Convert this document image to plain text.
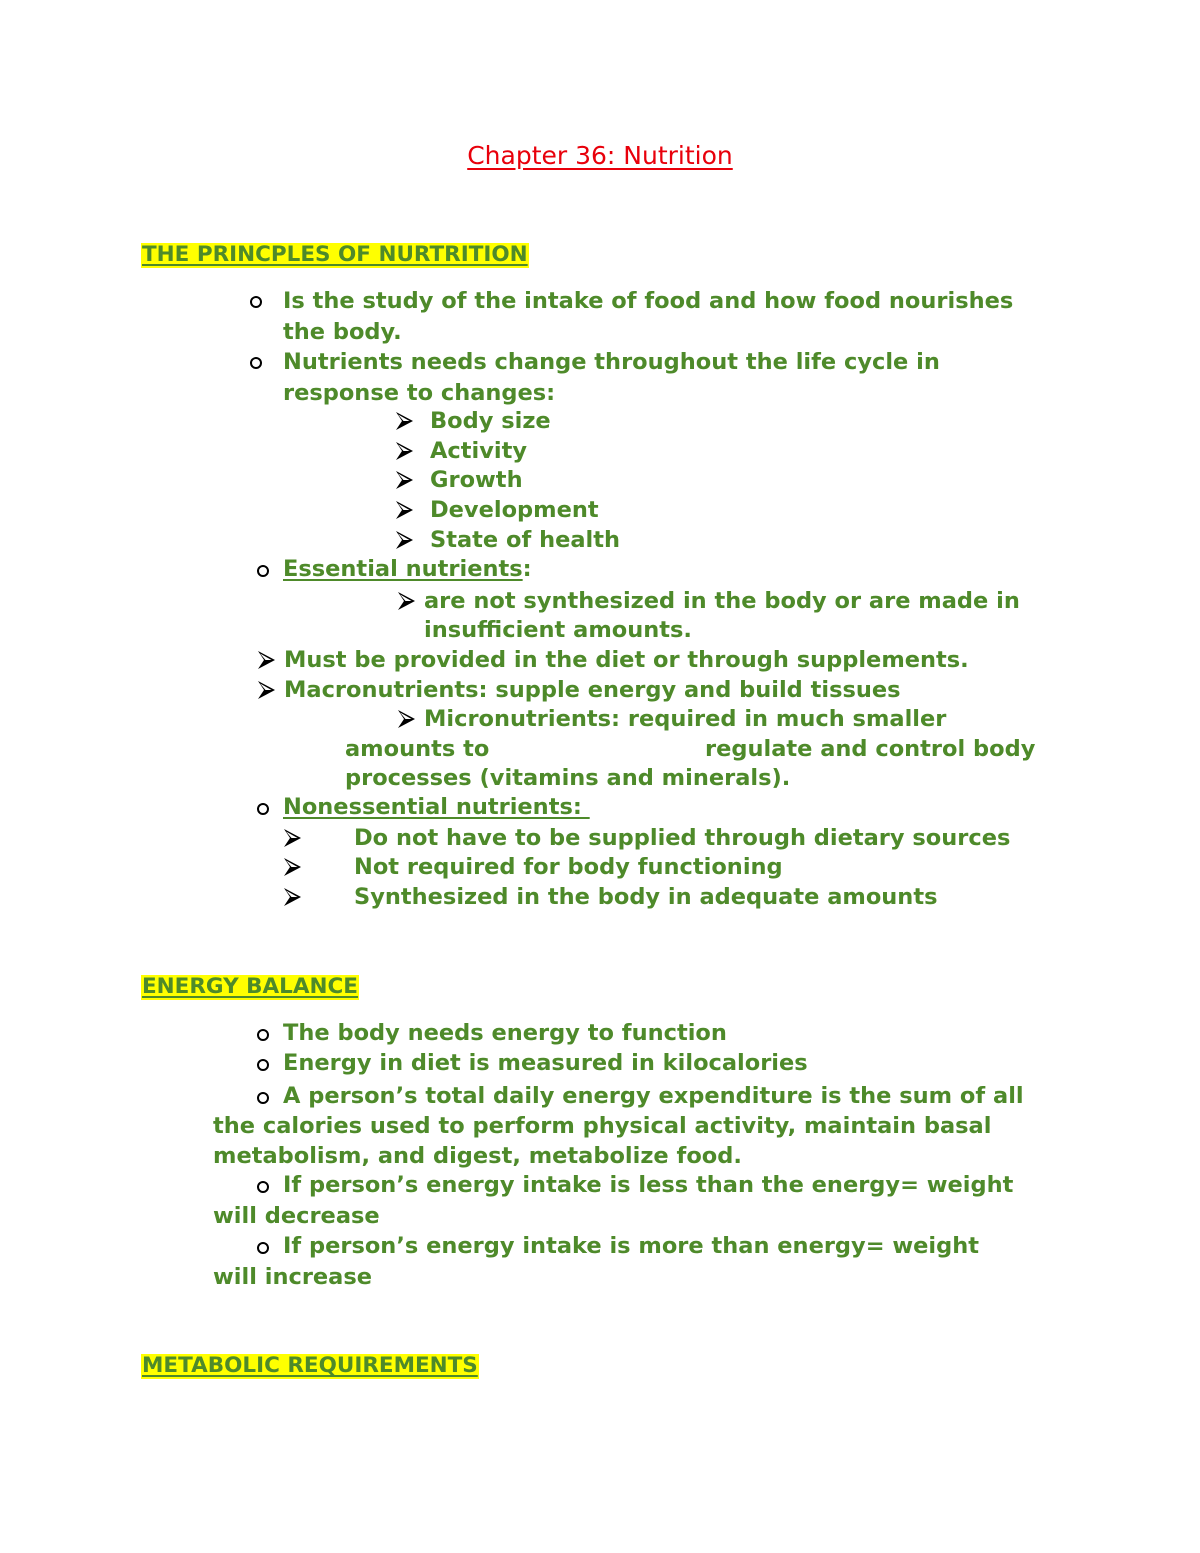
Chapter 36: Nutrition
THE PRINCPLES OF NURTRITION
Is the study of the intake of food and how food nourishes
the body.
Nutrients needs change throughout the life cycle in
response to changes:
Body size
Activity
Growth
Development
State of health
Essential nutrients:
are not synthesized in the body or are made in
insufficient amounts.
Must be provided in the diet or through supplements.
Macronutrients: supple energy and build tissues
Micronutrients: required in much smaller
amounts to	regulate and control body
processes (vitamins and minerals).
Nonessential nutrients:
Do not have to be supplied through dietary sources
Not required for body functioning
Synthesized in the body in adequate amounts
ENERGY BALANCE
The body needs energy to function
Energy in diet is measured in kilocalories
A person’s total daily energy expenditure is the sum of all
the calories used to perform physical activity, maintain basal
metabolism, and digest, metabolize food.
If person’s energy intake is less than the energy= weight
will decrease
If person’s energy intake is more than energy= weight
will increase
METABOLIC REQUIREMENTS
